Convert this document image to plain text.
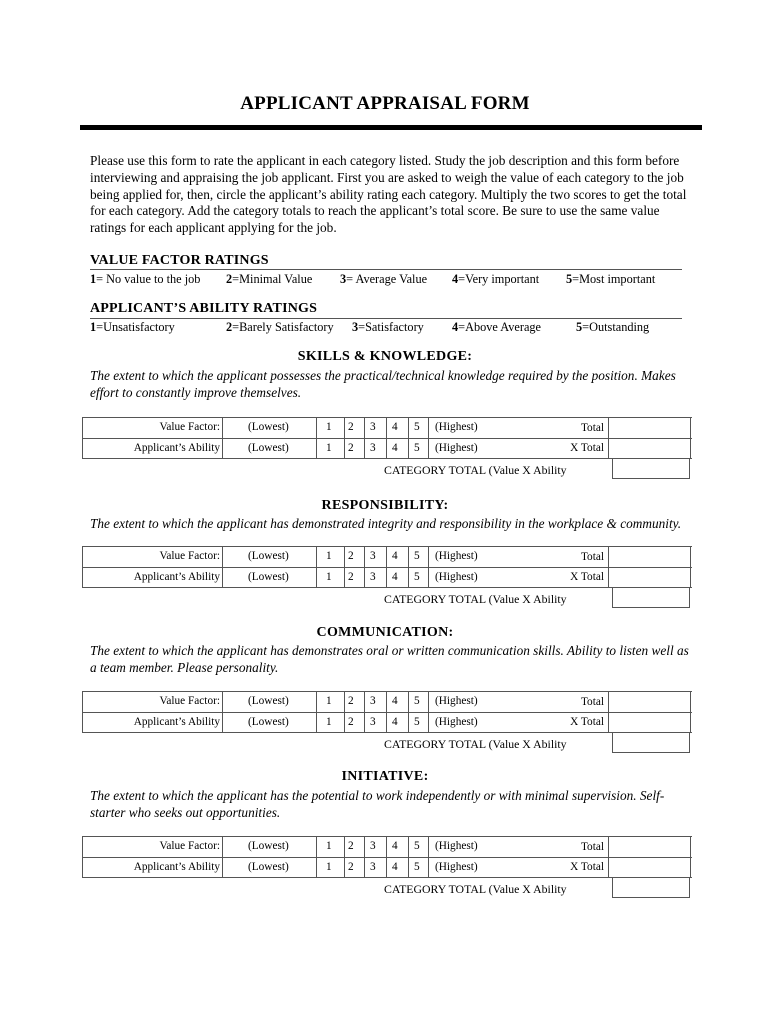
APPLICANT APPRAISAL FORM
Please use this form to rate the applicant in each category listed. Study the job description and this form before interviewing and appraising the job applicant. First you are asked to weigh the value of each category to the job being applied for, then, circle the applicant’s ability rating each category. Multiply the two scores to get the total for each category. Add the category totals to reach the applicant’s total score. Be sure to use the same value ratings for each applicant applying for the job.
VALUE FACTOR RATINGS
1= No value to the job 2=Minimal Value 3= Average Value 4=Very important 5=Most important
APPLICANT’S ABILITY RATINGS
1=Unsatisfactory	2=Barely Satisfactory 3=Satisfactory 4=Above Average	5=Outstanding
SKILLS & KNOWLEDGE:
The extent to which the applicant possesses the practical/technical knowledge required by the position. Makes effort to constantly improve themselves.
Value Factor: (Lowest)	1 2 3 4 5 (Highest)	Total
Applicant’s Ability (Lowest)	1 2 3 4 5 (Highest)	X Total
CATEGORY TOTAL (Value X Ability
RESPONSIBILITY:
The extent to which the applicant has demonstrated integrity and responsibility in the workplace & community.
Value Factor: (Lowest)	1 2 3 4 5 (Highest)	Total
Applicant’s Ability (Lowest)	1 2 3 4 5 (Highest)	X Total
CATEGORY TOTAL (Value X Ability
COMMUNICATION:
The extent to which the applicant has demonstrates oral or written communication skills. Ability to listen well as a team member. Please personality.
Value Factor: (Lowest)	1 2 3 4 5 (Highest)	Total
Applicant’s Ability (Lowest)	1 2 3 4 5 (Highest)	X Total
CATEGORY TOTAL (Value X Ability
INITIATIVE:
The extent to which the applicant has the potential to work independently or with minimal supervision. Self-starter who seeks out opportunities.
Value Factor: (Lowest)	1 2 3 4 5 (Highest)	Total
Applicant’s Ability (Lowest)	1 2 3 4 5 (Highest)	X Total
CATEGORY TOTAL (Value X Ability
